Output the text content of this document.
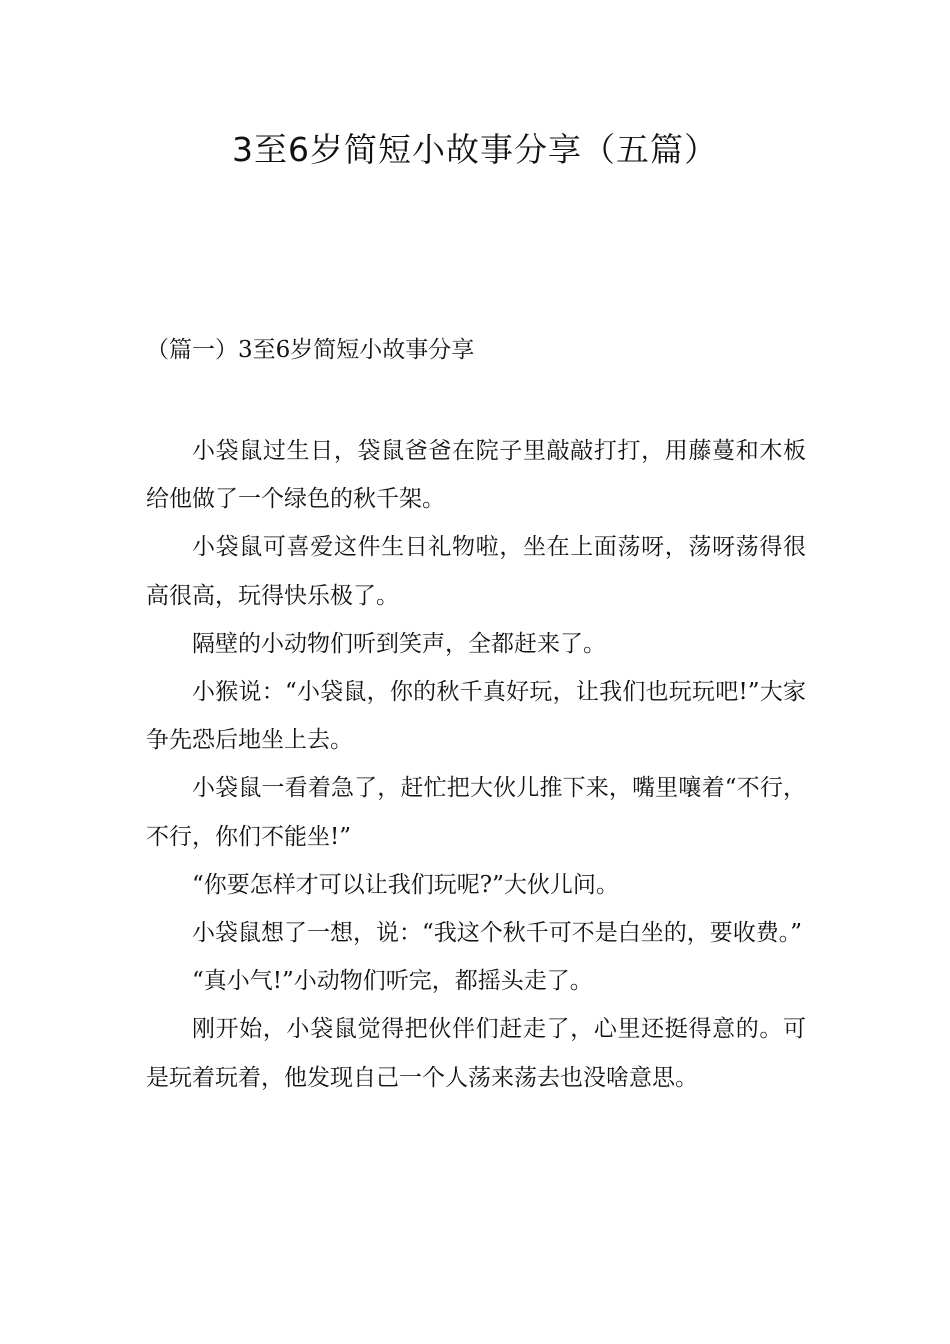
3至6岁简短小故事分享（五篇）
（篇一）3至6岁简短小故事分享

小袋鼠过生日，袋鼠爸爸在院子里敲敲打打，用藤蔓和木板给他做了一个绿色的秋千架。

小袋鼠可喜爱这件生日礼物啦，坐在上面荡呀，荡呀荡得很高很高，玩得快乐极了。

隔壁的小动物们听到笑声，全都赶来了。

小猴说：“小袋鼠，你的秋千真好玩，让我们也玩玩吧!”大家争先恐后地坐上去。

小袋鼠一看着急了，赶忙把大伙儿推下来，嘴里嚷着“不行，不行，你们不能坐!”

“你要怎样才可以让我们玩呢?”大伙儿问。

小袋鼠想了一想，说：“我这个秋千可不是白坐的，要收费。”

“真小气!”小动物们听完，都摇头走了。

刚开始，小袋鼠觉得把伙伴们赶走了，心里还挺得意的。可是玩着玩着，他发现自己一个人荡来荡去也没啥意思。
